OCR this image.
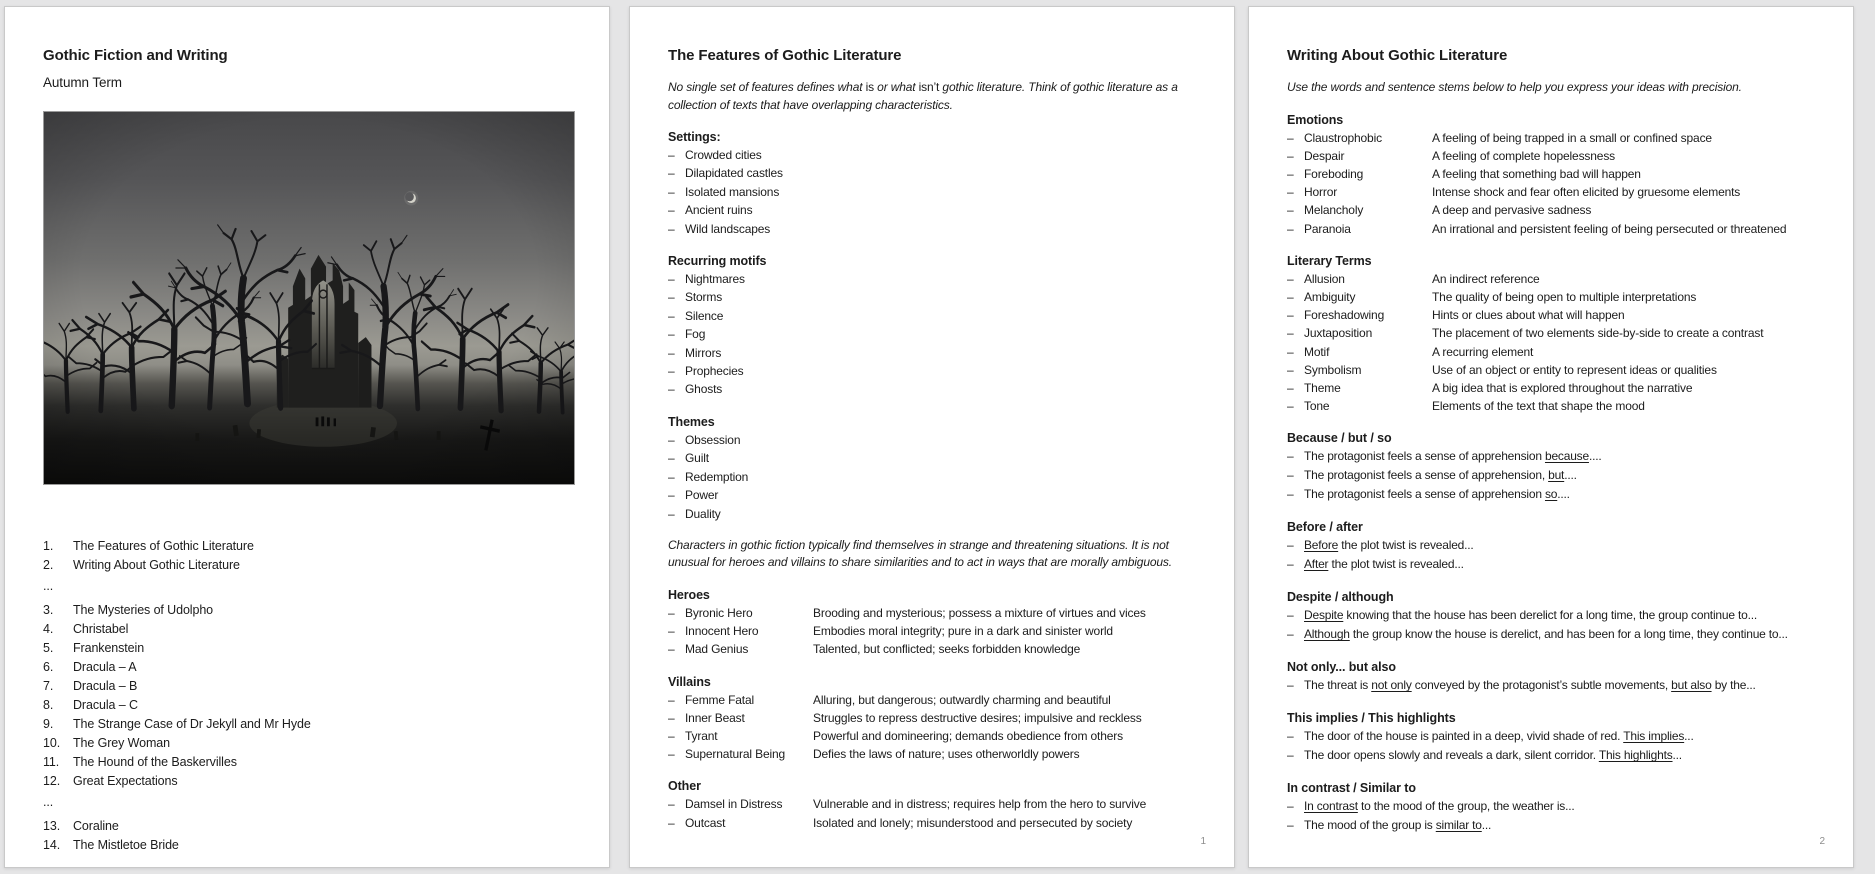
Gothic Fiction and Writing
Autumn Term
1.	The Features of Gothic Literature
2.	Writing About Gothic Literature
...
3.	The Mysteries of Udolpho
4.	Christabel
5.	Frankenstein
6.	Dracula – A
7.	Dracula – B
8.	Dracula – C
9.	The Strange Case of Dr Jekyll and Mr Hyde
10.	The Grey Woman
11.	The Hound of the Baskervilles
12.	Great Expectations
...
13.	Coraline
14.	The Mistletoe Bride
The Features of Gothic Literature
No single set of features defines what is or what isn’t gothic literature. Think of gothic literature as a
collection of texts that have overlapping characteristics.
Settings:
– Crowded cities
– Dilapidated castles
– Isolated mansions
– Ancient ruins
– Wild landscapes
Recurring motifs
– Nightmares
– Storms
– Silence
– Fog
– Mirrors
– Prophecies
– Ghosts
Themes
– Obsession
– Guilt
– Redemption
– Power
– Duality
Characters in gothic fiction typically find themselves in strange and threatening situations. It is not
unusual for heroes and villains to share similarities and to act in ways that are morally ambiguous.
Heroes
– Byronic Hero	Brooding and mysterious; possess a mixture of virtues and vices
– Innocent Hero	Embodies moral integrity; pure in a dark and sinister world
– Mad Genius	Talented, but conflicted; seeks forbidden knowledge
Villains
– Femme Fatal	Alluring, but dangerous; outwardly charming and beautiful
– Inner Beast	Struggles to repress destructive desires; impulsive and reckless
– Tyrant	Powerful and domineering; demands obedience from others
– Supernatural Being	Defies the laws of nature; uses otherworldly powers
Other
– Damsel in Distress	Vulnerable and in distress; requires help from the hero to survive
– Outcast	Isolated and lonely; misunderstood and persecuted by society
1
Writing About Gothic Literature
Use the words and sentence stems below to help you express your ideas with precision.
Emotions
– Claustrophobic	A feeling of being trapped in a small or confined space
– Despair	A feeling of complete hopelessness
– Foreboding	A feeling that something bad will happen
– Horror	Intense shock and fear often elicited by gruesome elements
– Melancholy	A deep and pervasive sadness
– Paranoia	An irrational and persistent feeling of being persecuted or threatened
Literary Terms
– Allusion	An indirect reference
– Ambiguity	The quality of being open to multiple interpretations
– Foreshadowing	Hints or clues about what will happen
– Juxtaposition	The placement of two elements side-by-side to create a contrast
– Motif	A recurring element
– Symbolism	Use of an object or entity to represent ideas or qualities
– Theme	A big idea that is explored throughout the narrative
– Tone	Elements of the text that shape the mood
Because / but / so
– The protagonist feels a sense of apprehension because....
– The protagonist feels a sense of apprehension, but....
– The protagonist feels a sense of apprehension so....
Before / after
– Before the plot twist is revealed...
– After the plot twist is revealed...
Despite / although
– Despite knowing that the house has been derelict for a long time, the group continue to...
– Although the group know the house is derelict, and has been for a long time, they continue to...
Not only... but also
– The threat is not only conveyed by the protagonist’s subtle movements, but also by the...
This implies / This highlights
– The door of the house is painted in a deep, vivid shade of red. This implies...
– The door opens slowly and reveals a dark, silent corridor. This highlights...
In contrast / Similar to
– In contrast to the mood of the group, the weather is...
– The mood of the group is similar to...
2
